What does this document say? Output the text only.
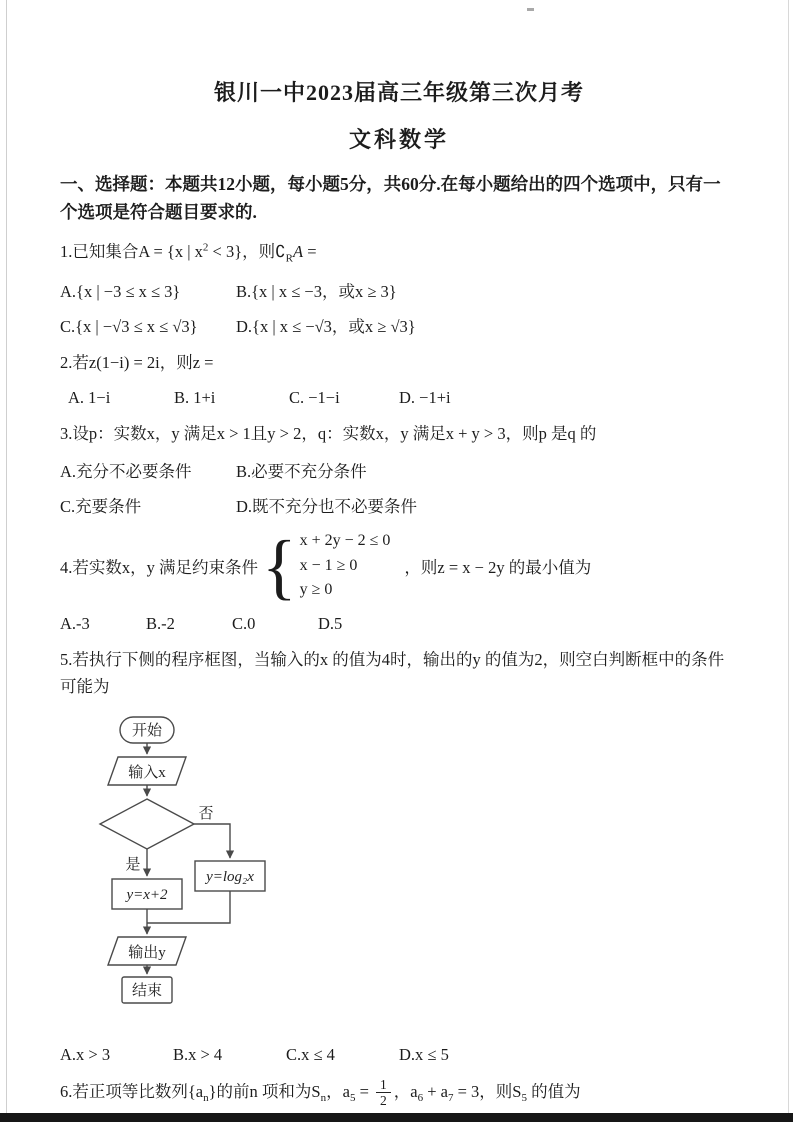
银川一中2023届高三年级第三次月考
文科数学

一、选择题：本题共12小题，每小题5分，共60分.在每小题给出的四个选项中，只有一个选项是符合题目要求的.

1.已知集合A = {x | $x^2 < 3$}，则$∁_RA$ =

A.{x | −3 ≤ x ≤ 3}	B.{x | x ≤ −3，或x ≥ 3}
C.{x | −√3 ≤ x ≤ √3}	D.{x | x ≤ −√3，或x ≥ √3}

2.若z(1−i) = 2i，则z =

A. 1−i	B. 1+i	C. −1−i	D. −1+i

3.设p：实数x，y 满足x > 1且y > 2，q：实数x，y 满足x + y > 3，则p 是q 的

A.充分不必要条件	B.必要不充分条件
C.充要条件	D.既不充分也不必要条件
4.若实数x，y 满足约束条件 { x + 2y − 2 ≤ 0
x − 1 ≥ 0
y ≥ 0
，则z = x − 2y 的最小值为
A.-3	B.-2	C.0	D.5

5.若执行下侧的程序框图，当输入的x 的值为4时，输出的y 的值为2，则空白判断框中的条件可能为

开始
输入x
否
y=log₂x
是
y=x+2
输出y
结束
A.x > 3	B.x > 4	C.x ≤ 4	D.x ≤ 5

6.若正项等比数列$\{a_n\}$的前n 项和为$S_n$，$a_5 = \frac{1}{2}$ ，$a_6 + a_7 = 3$，则$S_5$ 的值为
